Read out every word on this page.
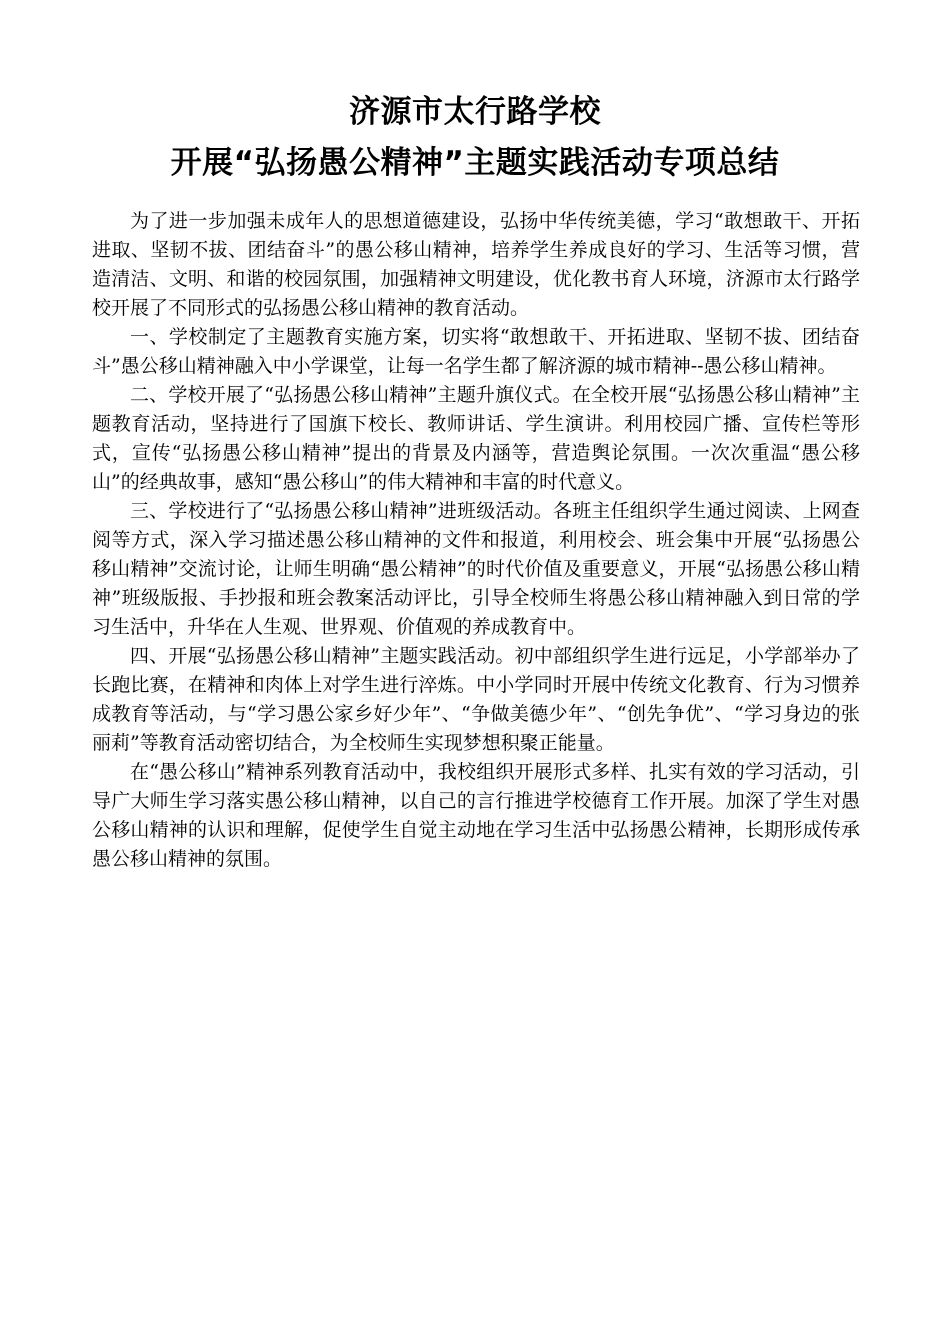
济源市太行路学校
开展“弘扬愚公精神”主题实践活动专项总结

为了进一步加强未成年人的思想道德建设，弘扬中华传统美德，学习“敢想敢干、开拓进取、坚韧不拔、团结奋斗”的愚公移山精神，培养学生养成良好的学习、生活等习惯，营造清洁、文明、和谐的校园氛围，加强精神文明建设，优化教书育人环境，济源市太行路学校开展了不同形式的弘扬愚公移山精神的教育活动。

一、学校制定了主题教育实施方案，切实将“敢想敢干、开拓进取、坚韧不拔、团结奋斗”愚公移山精神融入中小学课堂，让每一名学生都了解济源的城市精神--愚公移山精神。

二、学校开展了“弘扬愚公移山精神”主题升旗仪式。在全校开展“弘扬愚公移山精神”主题教育活动，坚持进行了国旗下校长、教师讲话、学生演讲。利用校园广播、宣传栏等形式，宣传“弘扬愚公移山精神”提出的背景及内涵等，营造舆论氛围。一次次重温“愚公移山”的经典故事，感知“愚公移山”的伟大精神和丰富的时代意义。

三、学校进行了“弘扬愚公移山精神”进班级活动。各班主任组织学生通过阅读、上网查阅等方式，深入学习描述愚公移山精神的文件和报道，利用校会、班会集中开展“弘扬愚公移山精神”交流讨论，让师生明确“愚公精神”的时代价值及重要意义，开展“弘扬愚公移山精神”班级版报、手抄报和班会教案活动评比，引导全校师生将愚公移山精神融入到日常的学习生活中，升华在人生观、世界观、价值观的养成教育中。

四、开展“弘扬愚公移山精神”主题实践活动。初中部组织学生进行远足，小学部举办了长跑比赛，在精神和肉体上对学生进行淬炼。中小学同时开展中传统文化教育、行为习惯养成教育等活动，与“学习愚公家乡好少年”、“争做美德少年”、“创先争优”、“学习身边的张丽莉”等教育活动密切结合，为全校师生实现梦想积聚正能量。

在“愚公移山”精神系列教育活动中，我校组织开展形式多样、扎实有效的学习活动，引导广大师生学习落实愚公移山精神，以自己的言行推进学校德育工作开展。加深了学生对愚公移山精神的认识和理解，促使学生自觉主动地在学习生活中弘扬愚公精神，长期形成传承愚公移山精神的氛围。
